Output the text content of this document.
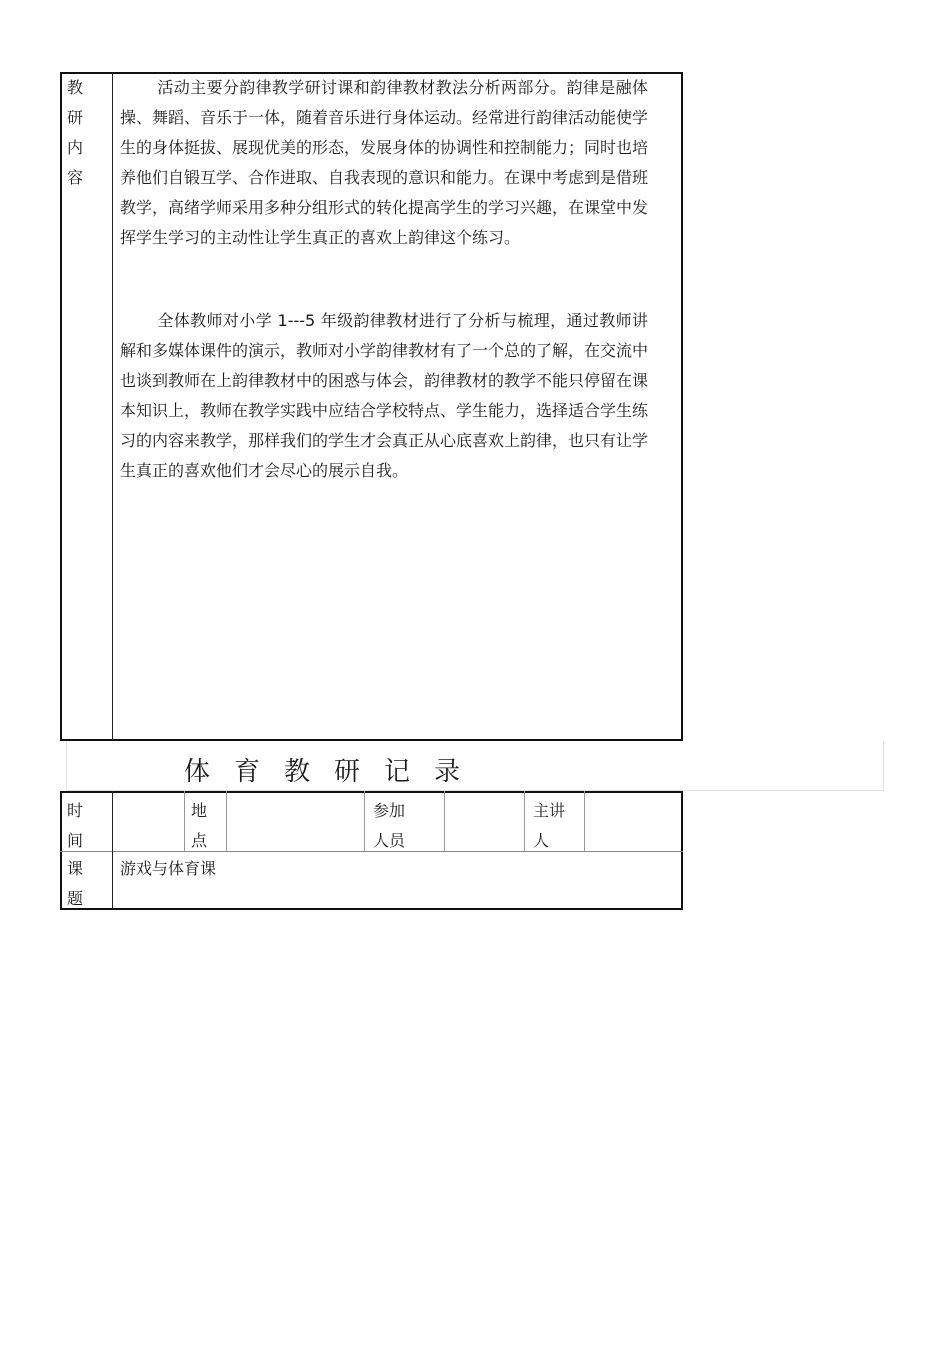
教
研
内
容
活动主要分韵律教学研讨课和韵律教材教法分析两部分。韵律是融体操、舞蹈、音乐于一体，随着音乐进行身体运动。经常进行韵律活动能使学生的身体挺拔、展现优美的形态，发展身体的协调性和控制能力；同时也培养他们自锻互学、合作进取、自我表现的意识和能力。在课中考虑到是借班教学，高绪学师采用多种分组形式的转化提高学生的学习兴趣，在课堂中发挥学生学习的主动性让学生真正的喜欢上韵律这个练习。
全体教师对小学 1---5 年级韵律教材进行了分析与梳理，通过教师讲解和多媒体课件的演示，教师对小学韵律教材有了一个总的了解，在交流中也谈到教师在上韵律教材中的困惑与体会，韵律教材的教学不能只停留在课本知识上，教师在教学实践中应结合学校特点、学生能力，选择适合学生练习的内容来教学，那样我们的学生才会真正从心底喜欢上韵律，也只有让学生真正的喜欢他们才会尽心的展示自我。
体育教研记录
时
间
地
点
参加
人员
主讲
人
课
题
游戏与体育课
